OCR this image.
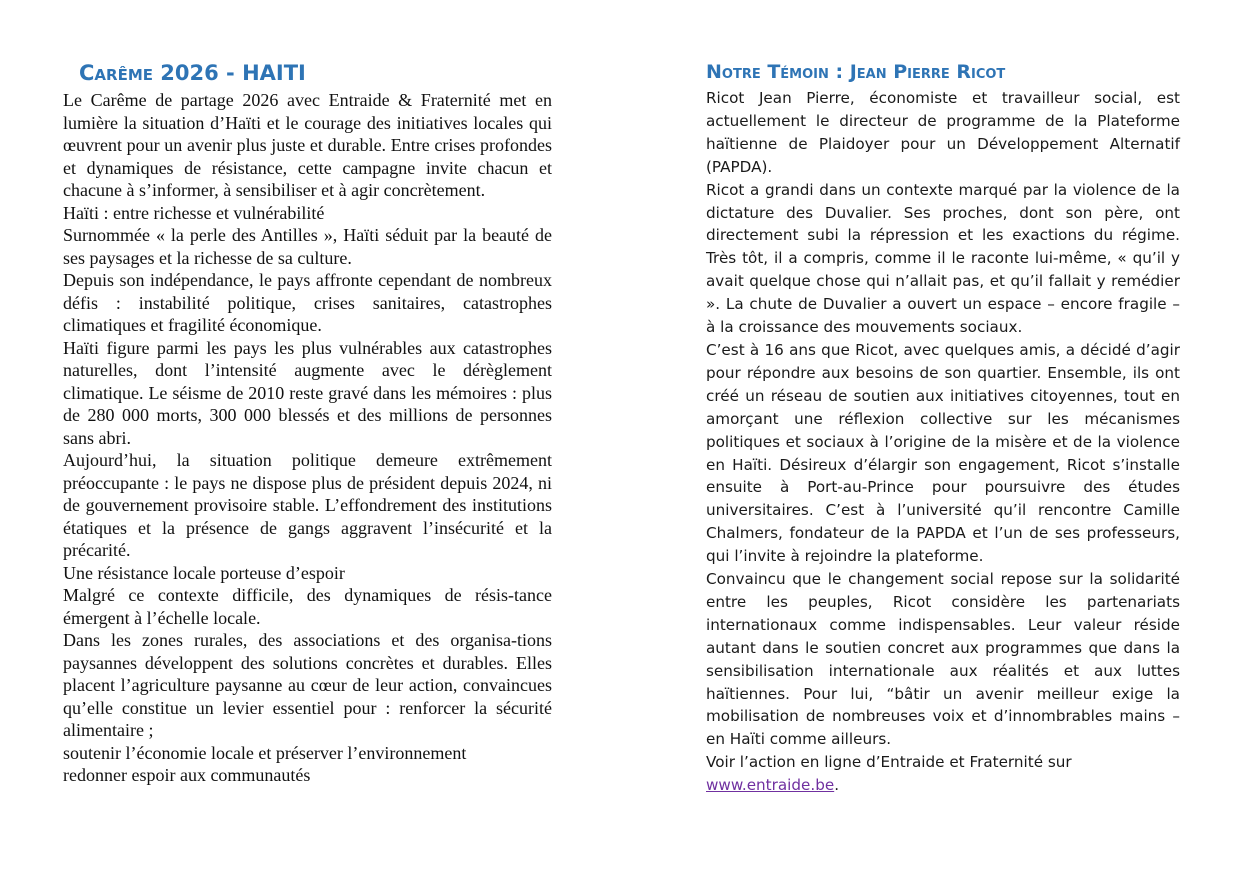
Carême 2026 - HAITI

Le Carême de partage 2026 avec Entraide & Fraternité met en lumière la situation d’Haïti et le courage des initiatives locales qui œuvrent pour un avenir plus juste et durable. Entre crises profondes et dynamiques de résistance, cette campagne invite chacun et chacune à s’informer, à sensibiliser et à agir concrètement.

Haïti : entre richesse et vulnérabilité

Surnommée « la perle des Antilles », Haïti séduit par la beauté de ses paysages et la richesse de sa culture.

Depuis son indépendance, le pays affronte cependant de nombreux défis : instabilité politique, crises sanitaires, catastrophes climatiques et fragilité économique.

Haïti figure parmi les pays les plus vulnérables aux catastrophes naturelles, dont l’intensité augmente avec le dérèglement climatique. Le séisme de 2010 reste gravé dans les mémoires : plus de 280 000 morts, 300 000 blessés et des millions de personnes sans abri.

Aujourd’hui, la situation politique demeure extrêmement préoccupante : le pays ne dispose plus de président depuis 2024, ni de gouvernement provisoire stable. L’effondrement des institutions étatiques et la présence de gangs aggravent l’insécurité et la précarité.

Une résistance locale porteuse d’espoir

Malgré ce contexte difficile, des dynamiques de résis-tance émergent à l’échelle locale.

Dans les zones rurales, des associations et des organisa-tions paysannes développent des solutions concrètes et durables. Elles placent l’agriculture paysanne au cœur de leur action, convaincues qu’elle constitue un levier essentiel pour : renforcer la sécurité alimentaire ;

soutenir l’économie locale et préserver l’environnement

redonner espoir aux communautés

Notre Témoin : Jean Pierre Ricot

Ricot Jean Pierre, économiste et travailleur social, est actuellement le directeur de programme de la Plateforme haïtienne de Plaidoyer pour un Développement Alternatif (PAPDA).

Ricot a grandi dans un contexte marqué par la violence de la dictature des Duvalier. Ses proches, dont son père, ont directement subi la répression et les exactions du régime. Très tôt, il a compris, comme il le raconte lui-même, « qu’il y avait quelque chose qui n’allait pas, et qu’il fallait y remédier ». La chute de Duvalier a ouvert un espace – encore fragile – à la croissance des mouvements sociaux.

C’est à 16 ans que Ricot, avec quelques amis, a décidé d’agir pour répondre aux besoins de son quartier. Ensemble, ils ont créé un réseau de soutien aux initiatives citoyennes, tout en amorçant une réflexion collective sur les mécanismes politiques et sociaux à l’origine de la misère et de la violence en Haïti. Désireux d’élargir son engagement, Ricot s’installe ensuite à Port-au-Prince pour poursuivre des études universitaires. C’est à l’université qu’il rencontre Camille Chalmers, fondateur de la PAPDA et l’un de ses professeurs, qui l’invite à rejoindre la plateforme.

Convaincu que le changement social repose sur la solidarité entre les peuples, Ricot considère les partenariats internationaux comme indispensables. Leur valeur réside autant dans le soutien concret aux programmes que dans la sensibilisation internationale aux réalités et aux luttes haïtiennes. Pour lui, “bâtir un avenir meilleur exige la mobilisation de nombreuses voix et d’innombrables mains – en Haïti comme ailleurs.

Voir l’action en ligne d’Entraide et Fraternité sur
www.entraide.be.
